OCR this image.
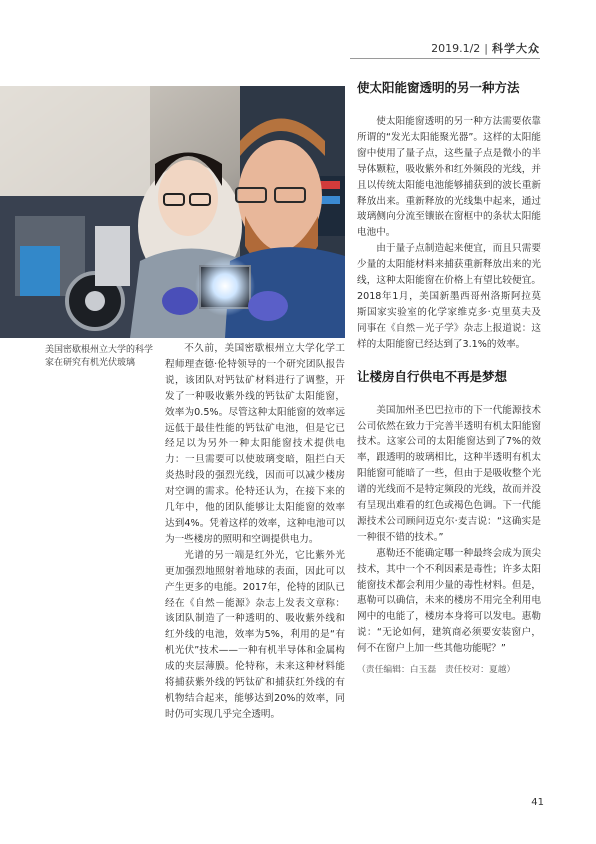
2019.1/2 | 科学大众
美国密歇根州立大学的科学家在研究有机光伏玻璃

不久前，美国密歇根州立大学化学工程师理查德·伦特领导的一个研究团队报告说，该团队对钙钛矿材料进行了调整，开发了一种吸收紫外线的钙钛矿太阳能窗，效率为0.5%。尽管这种太阳能窗的效率远远低于最佳性能的钙钛矿电池，但是它已经足以为另外一种太阳能窗技术提供电力：一旦需要可以使玻璃变暗，阻拦白天炎热时段的强烈光线，因而可以减少楼房对空调的需求。伦特还认为，在接下来的几年中，他的团队能够让太阳能窗的效率达到4%。凭着这样的效率，这种电池可以为一些楼房的照明和空调提供电力。

光谱的另一端是红外光，它比紫外光更加强烈地照射着地球的表面，因此可以产生更多的电能。2017年，伦特的团队已经在《自然－能源》杂志上发表文章称：该团队制造了一种透明的、吸收紫外线和红外线的电池，效率为5%，利用的是“有机光伏”技术——一种有机半导体和金属构成的夹层薄膜。伦特称，未来这种材料能将捕获紫外线的钙钛矿和捕获红外线的有机物结合起来，能够达到20%的效率，同时仍可实现几乎完全透明。

使太阳能窗透明的另一种方法

使太阳能窗透明的另一种方法需要依靠所谓的“发光太阳能聚光器”。这样的太阳能窗中使用了量子点，这些量子点是微小的半导体颗粒，吸收紫外和红外频段的光线，并且以传统太阳能电池能够捕获到的波长重新释放出来。重新释放的光线集中起来，通过玻璃侧向分流至镶嵌在窗框中的条状太阳能电池中。

由于量子点制造起来便宜，而且只需要少量的太阳能材料来捕获重新释放出来的光线，这种太阳能窗在价格上有望比较便宜。2018年1月，美国新墨西哥州洛斯阿拉莫斯国家实验室的化学家维克多·克里莫夫及同事在《自然－光子学》杂志上报道说：这样的太阳能窗已经达到了3.1%的效率。

让楼房自行供电不再是梦想

美国加州圣巴巴拉市的下一代能源技术公司依然在致力于完善半透明有机太阳能窗技术。这家公司的太阳能窗达到了7%的效率，跟透明的玻璃相比，这种半透明有机太阳能窗可能暗了一些，但由于是吸收整个光谱的光线而不是特定频段的光线，故而并没有呈现出难看的红色或褐色色调。下一代能源技术公司顾问迈克尔·麦吉说：“这确实是一种很不错的技术。”

惠勒还不能确定哪一种最终会成为顶尖技术，其中一个不利因素是毒性；许多太阳能窗技术都会利用少量的毒性材料。但是，惠勒可以确信，未来的楼房不用完全利用电网中的电能了，楼房本身将可以发电。惠勒说：“无论如何，建筑商必须要安装窗户，何不在窗户上加一些其他功能呢？”

（责任编辑：白玉磊　责任校对：夏越）

41
